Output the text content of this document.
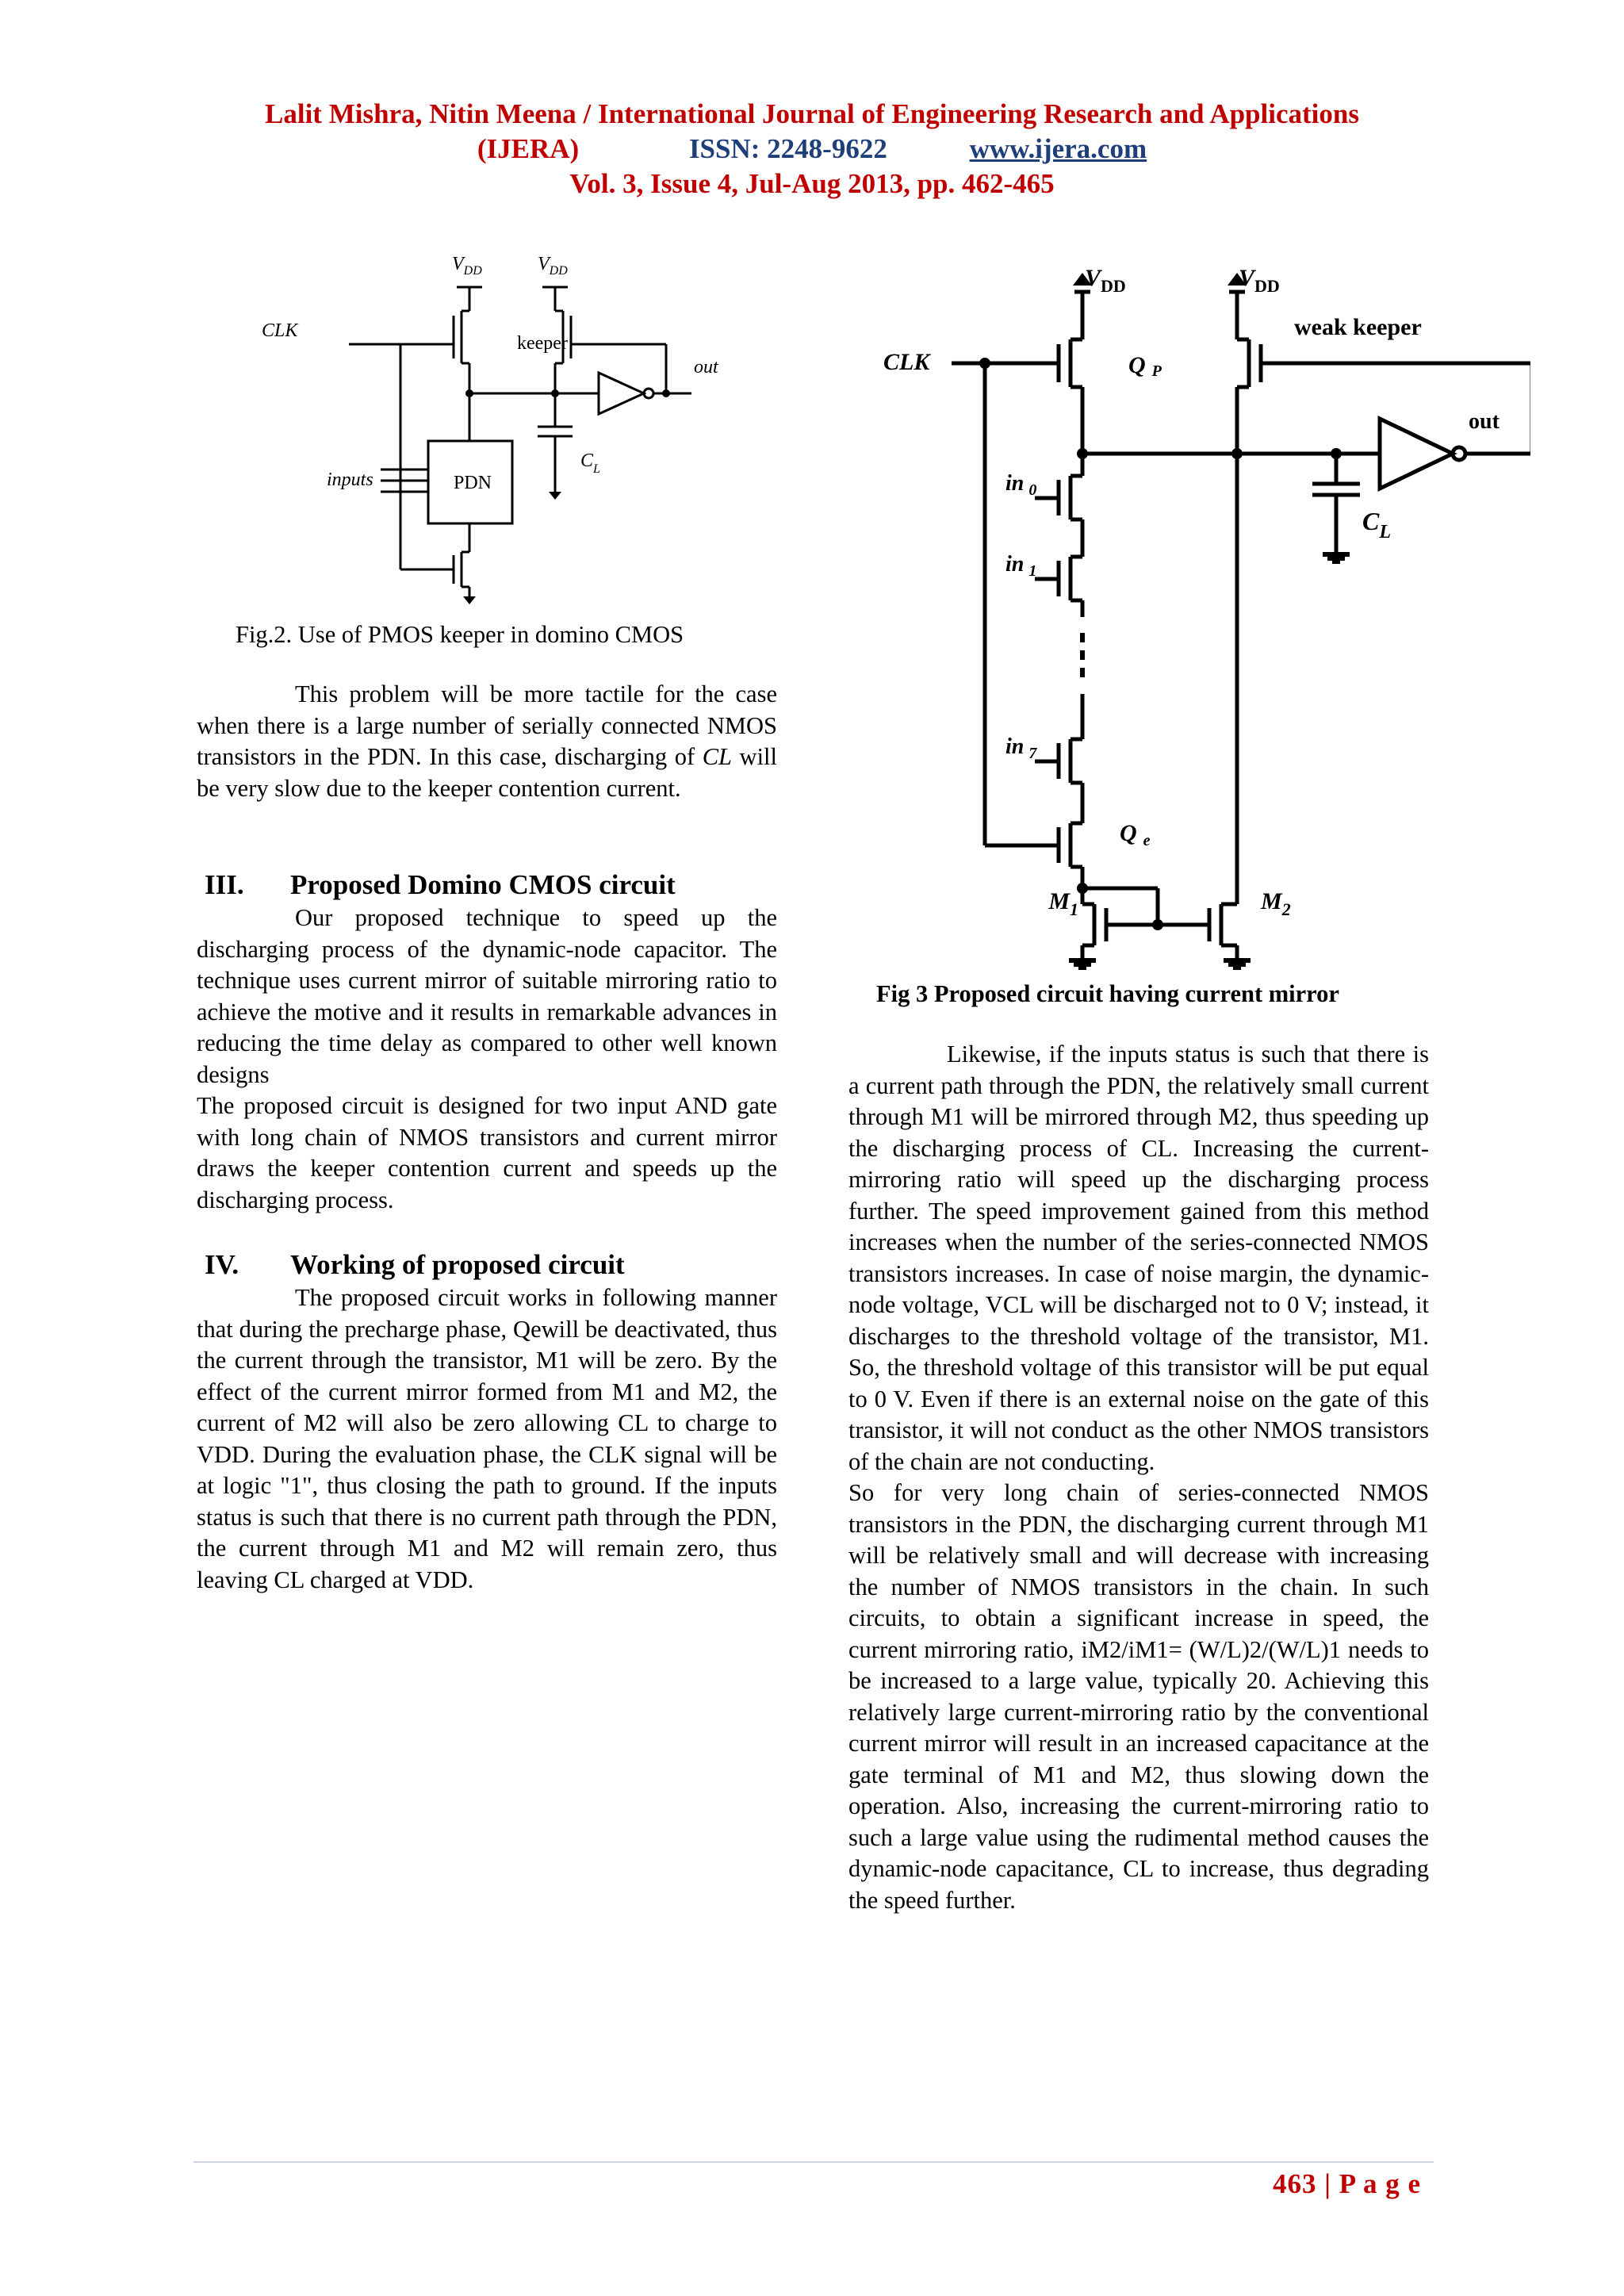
Lalit Mishra, Nitin Meena / International Journal of Engineering Research and Applications
(IJERA)	ISSN: 2248-9622	www.ijera.com
Vol. 3, Issue 4, Jul-Aug 2013, pp. 462-465
$V_{DD}$	$V_{DD}$
CLK
out
inputs
$C_L$
keeper
PDN
Fig.2. Use of PMOS keeper in domino CMOS
$V_{DD}$	$V_{DD}$
CLK	Q P
weak keeper
out
$C_L$
in $_0$
in $_1$
in $_7$
Q $_e$
$M_1$	$M_2$
Fig 3 Proposed circuit having current mirror

This problem will be more tactile for the case when there is a large number of serially connected NMOS transistors in the PDN. In this case, discharging of CL will be very slow due to the keeper contention current.

III. Proposed Domino CMOS circuit

Our proposed technique to speed up the discharging process of the dynamic-node capacitor. The technique uses current mirror of suitable mirroring ratio to achieve the motive and it results in remarkable advances in reducing the time delay as compared to other well known designs

The proposed circuit is designed for two input AND gate with long chain of NMOS transistors and current mirror draws the keeper contention current and speeds up the discharging process.

IV. Working of proposed circuit

The proposed circuit works in following manner that during the precharge phase, Qewill be deactivated, thus the current through the transistor, M1 will be zero. By the effect of the current mirror formed from M1 and M2, the current of M2 will also be zero allowing CL to charge to VDD. During the evaluation phase, the CLK signal will be at logic "1", thus closing the path to ground. If the inputs status is such that there is no current path through the PDN, the current through M1 and M2 will remain zero, thus leaving CL charged at VDD.

Likewise, if the inputs status is such that there is a current path through the PDN, the relatively small current through M1 will be mirrored through M2, thus speeding up the discharging process of CL. Increasing the current-mirroring ratio will speed up the discharging process further. The speed improvement gained from this method increases when the number of the series-connected NMOS transistors increases. In case of noise margin, the dynamic-node voltage, VCL will be discharged not to 0 V; instead, it discharges to the threshold voltage of the transistor, M1. So, the threshold voltage of this transistor will be put equal to 0 V. Even if there is an external noise on the gate of this transistor, it will not conduct as the other NMOS transistors of the chain are not conducting.

So for very long chain of series-connected NMOS transistors in the PDN, the discharging current through M1 will be relatively small and will decrease with increasing the number of NMOS transistors in the chain. In such circuits, to obtain a significant increase in speed, the current mirroring ratio, iM2/iM1= (W/L)2/(W/L)1 needs to be increased to a large value, typically 20. Achieving this relatively large current-mirroring ratio by the conventional current mirror will result in an increased capacitance at the gate terminal of M1 and M2, thus slowing down the operation. Also, increasing the current-mirroring ratio to such a large value using the rudimental method causes the dynamic-node capacitance, CL to increase, thus degrading the speed further.

463 | P a g e
